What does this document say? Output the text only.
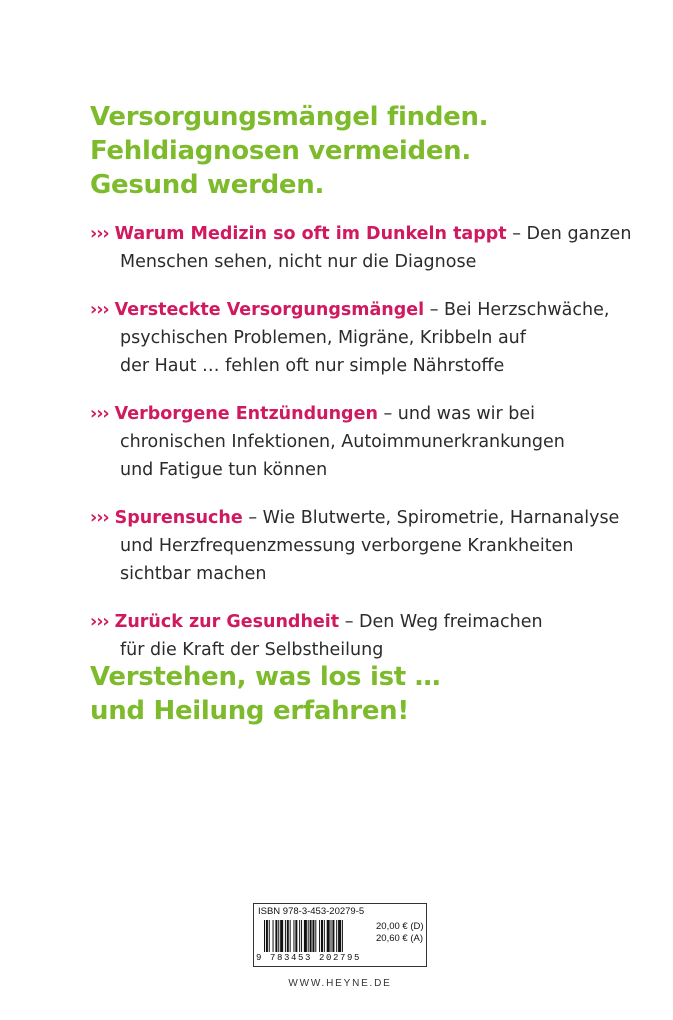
Versorgungsmängel finden.
Fehldiagnosen vermeiden.
Gesund werden.
››› Warum Medizin so oft im Dunkeln tappt – Den ganzen
Menschen sehen, nicht nur die Diagnose
››› Versteckte Versorgungsmängel – Bei Herzschwäche,
psychischen Problemen, Migräne, Kribbeln auf
der Haut … fehlen oft nur simple Nährstoffe
››› Verborgene Entzündungen – und was wir bei
chronischen Infektionen, Autoimmunerkrankungen
und Fatigue tun können
››› Spurensuche – Wie Blutwerte, Spirometrie, Harnanalyse
und Herzfrequenzmessung verborgene Krankheiten
sichtbar machen
››› Zurück zur Gesundheit – Den Weg freimachen
für die Kraft der Selbstheilung
Verstehen, was los ist …
und Heilung erfahren!
ISBN 978-3-453-20279-5
9 783453 202795
20,00 € (D)
20,60 € (A)
WWW.HEYNE.DE
